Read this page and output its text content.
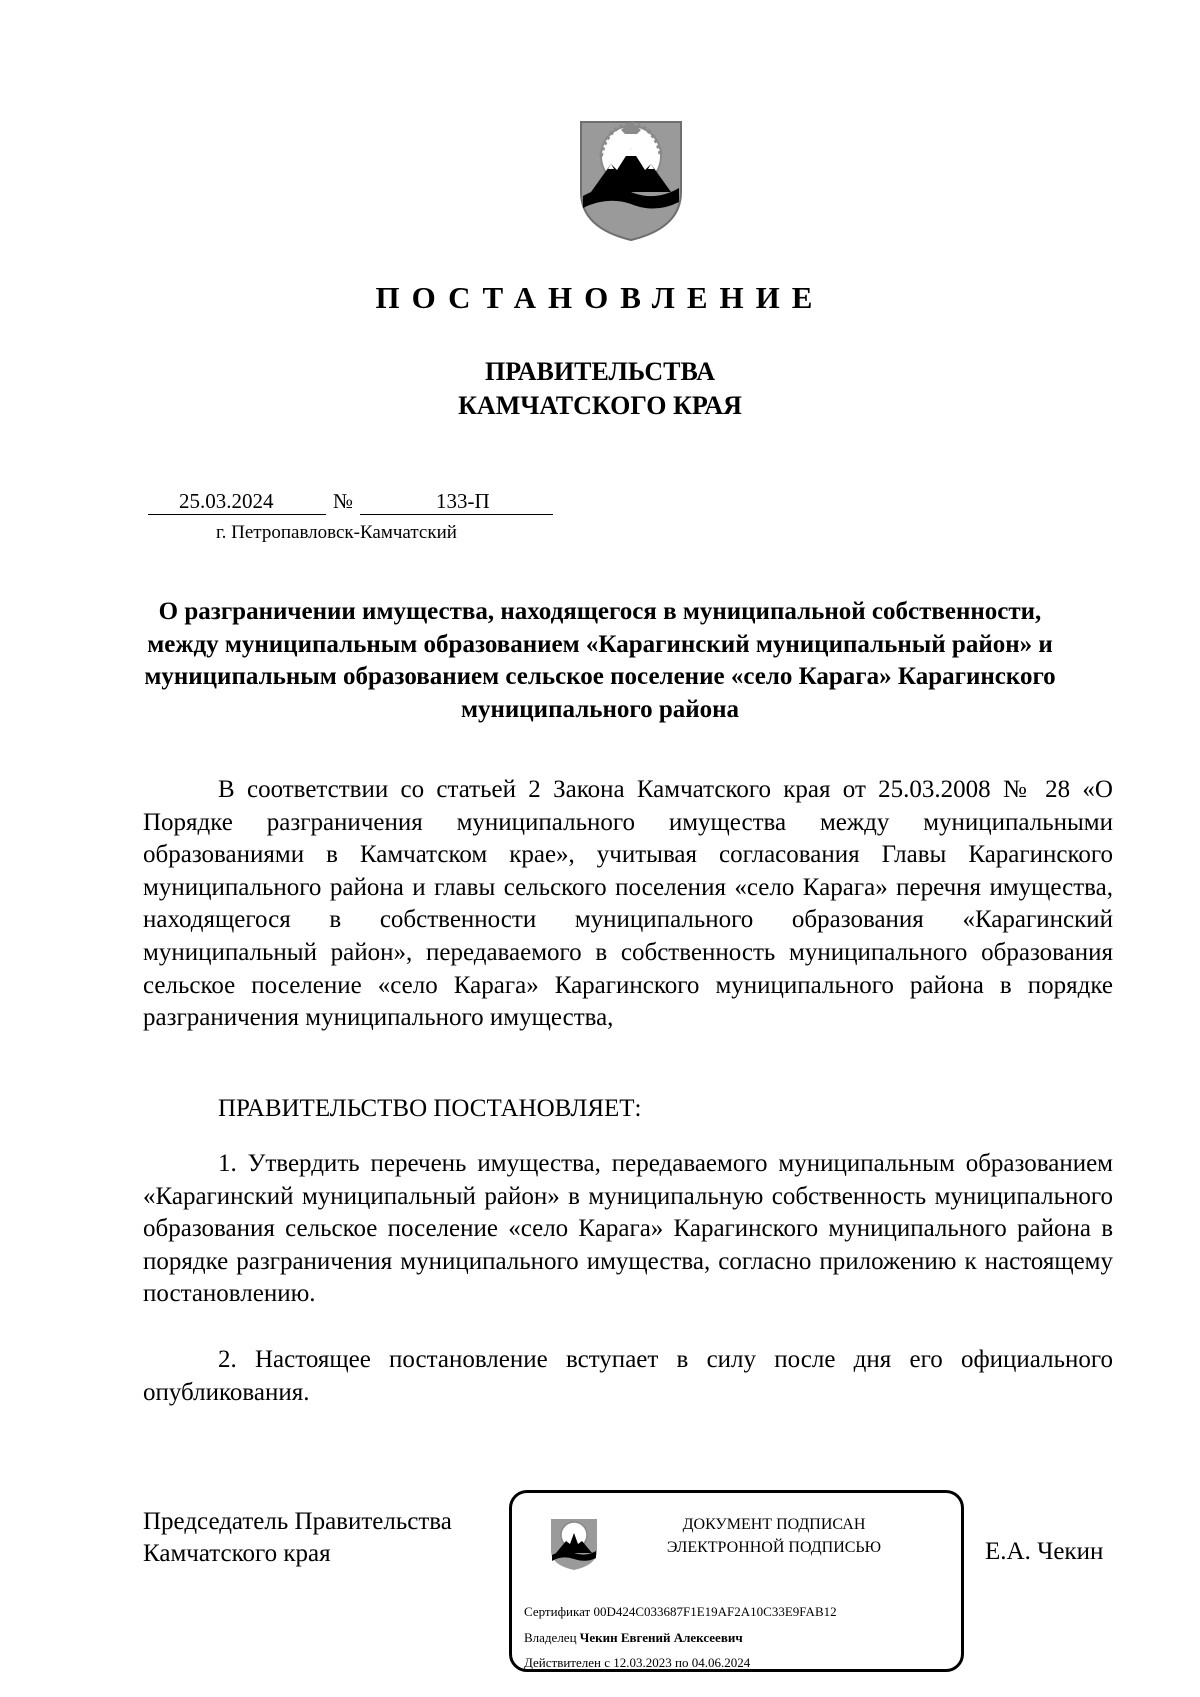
ПОСТАНОВЛЕНИЕ
ПРАВИТЕЛЬСТВА
КАМЧАТСКОГО КРАЯ
25.03.2024	№	133-П
г. Петропавловск-Камчатский
О разграничении имущества, находящегося в муниципальной собственности, между муниципальным образованием «Карагинский муниципальный район» и муниципальным образованием сельское поселение «село Карага» Карагинского муниципального района
В соответствии со статьей 2 Закона Камчатского края от 25.03.2008 № 28 «О Порядке разграничения муниципального имущества между муниципальными образованиями в Камчатском крае», учитывая согласования Главы Карагинского муниципального района и главы сельского поселения «село Карага» перечня имущества, находящегося в собственности муниципального образования «Карагинский муниципальный район», передаваемого в собственность муниципального образования сельское поселение «село Карага» Карагинского муниципального района в порядке разграничения муниципального имущества,
ПРАВИТЕЛЬСТВО ПОСТАНОВЛЯЕТ:
1. Утвердить перечень имущества, передаваемого муниципальным образованием «Карагинский муниципальный район» в муниципальную собственность муниципального образования сельское поселение «село Карага» Карагинского муниципального района в порядке разграничения муниципального имущества, согласно приложению к настоящему постановлению.
2. Настоящее постановление вступает в силу после дня его официального опубликования.
Председатель Правительства
Камчатского края
ДОКУМЕНТ ПОДПИСАН
ЭЛЕКТРОННОЙ ПОДПИСЬЮ
Сертификат 00D424C033687F1E19AF2A10C33E9FAB12
Владелец Чекин Евгений Алексеевич
Действителен с 12.03.2023 по 04.06.2024
Е.А. Чекин
